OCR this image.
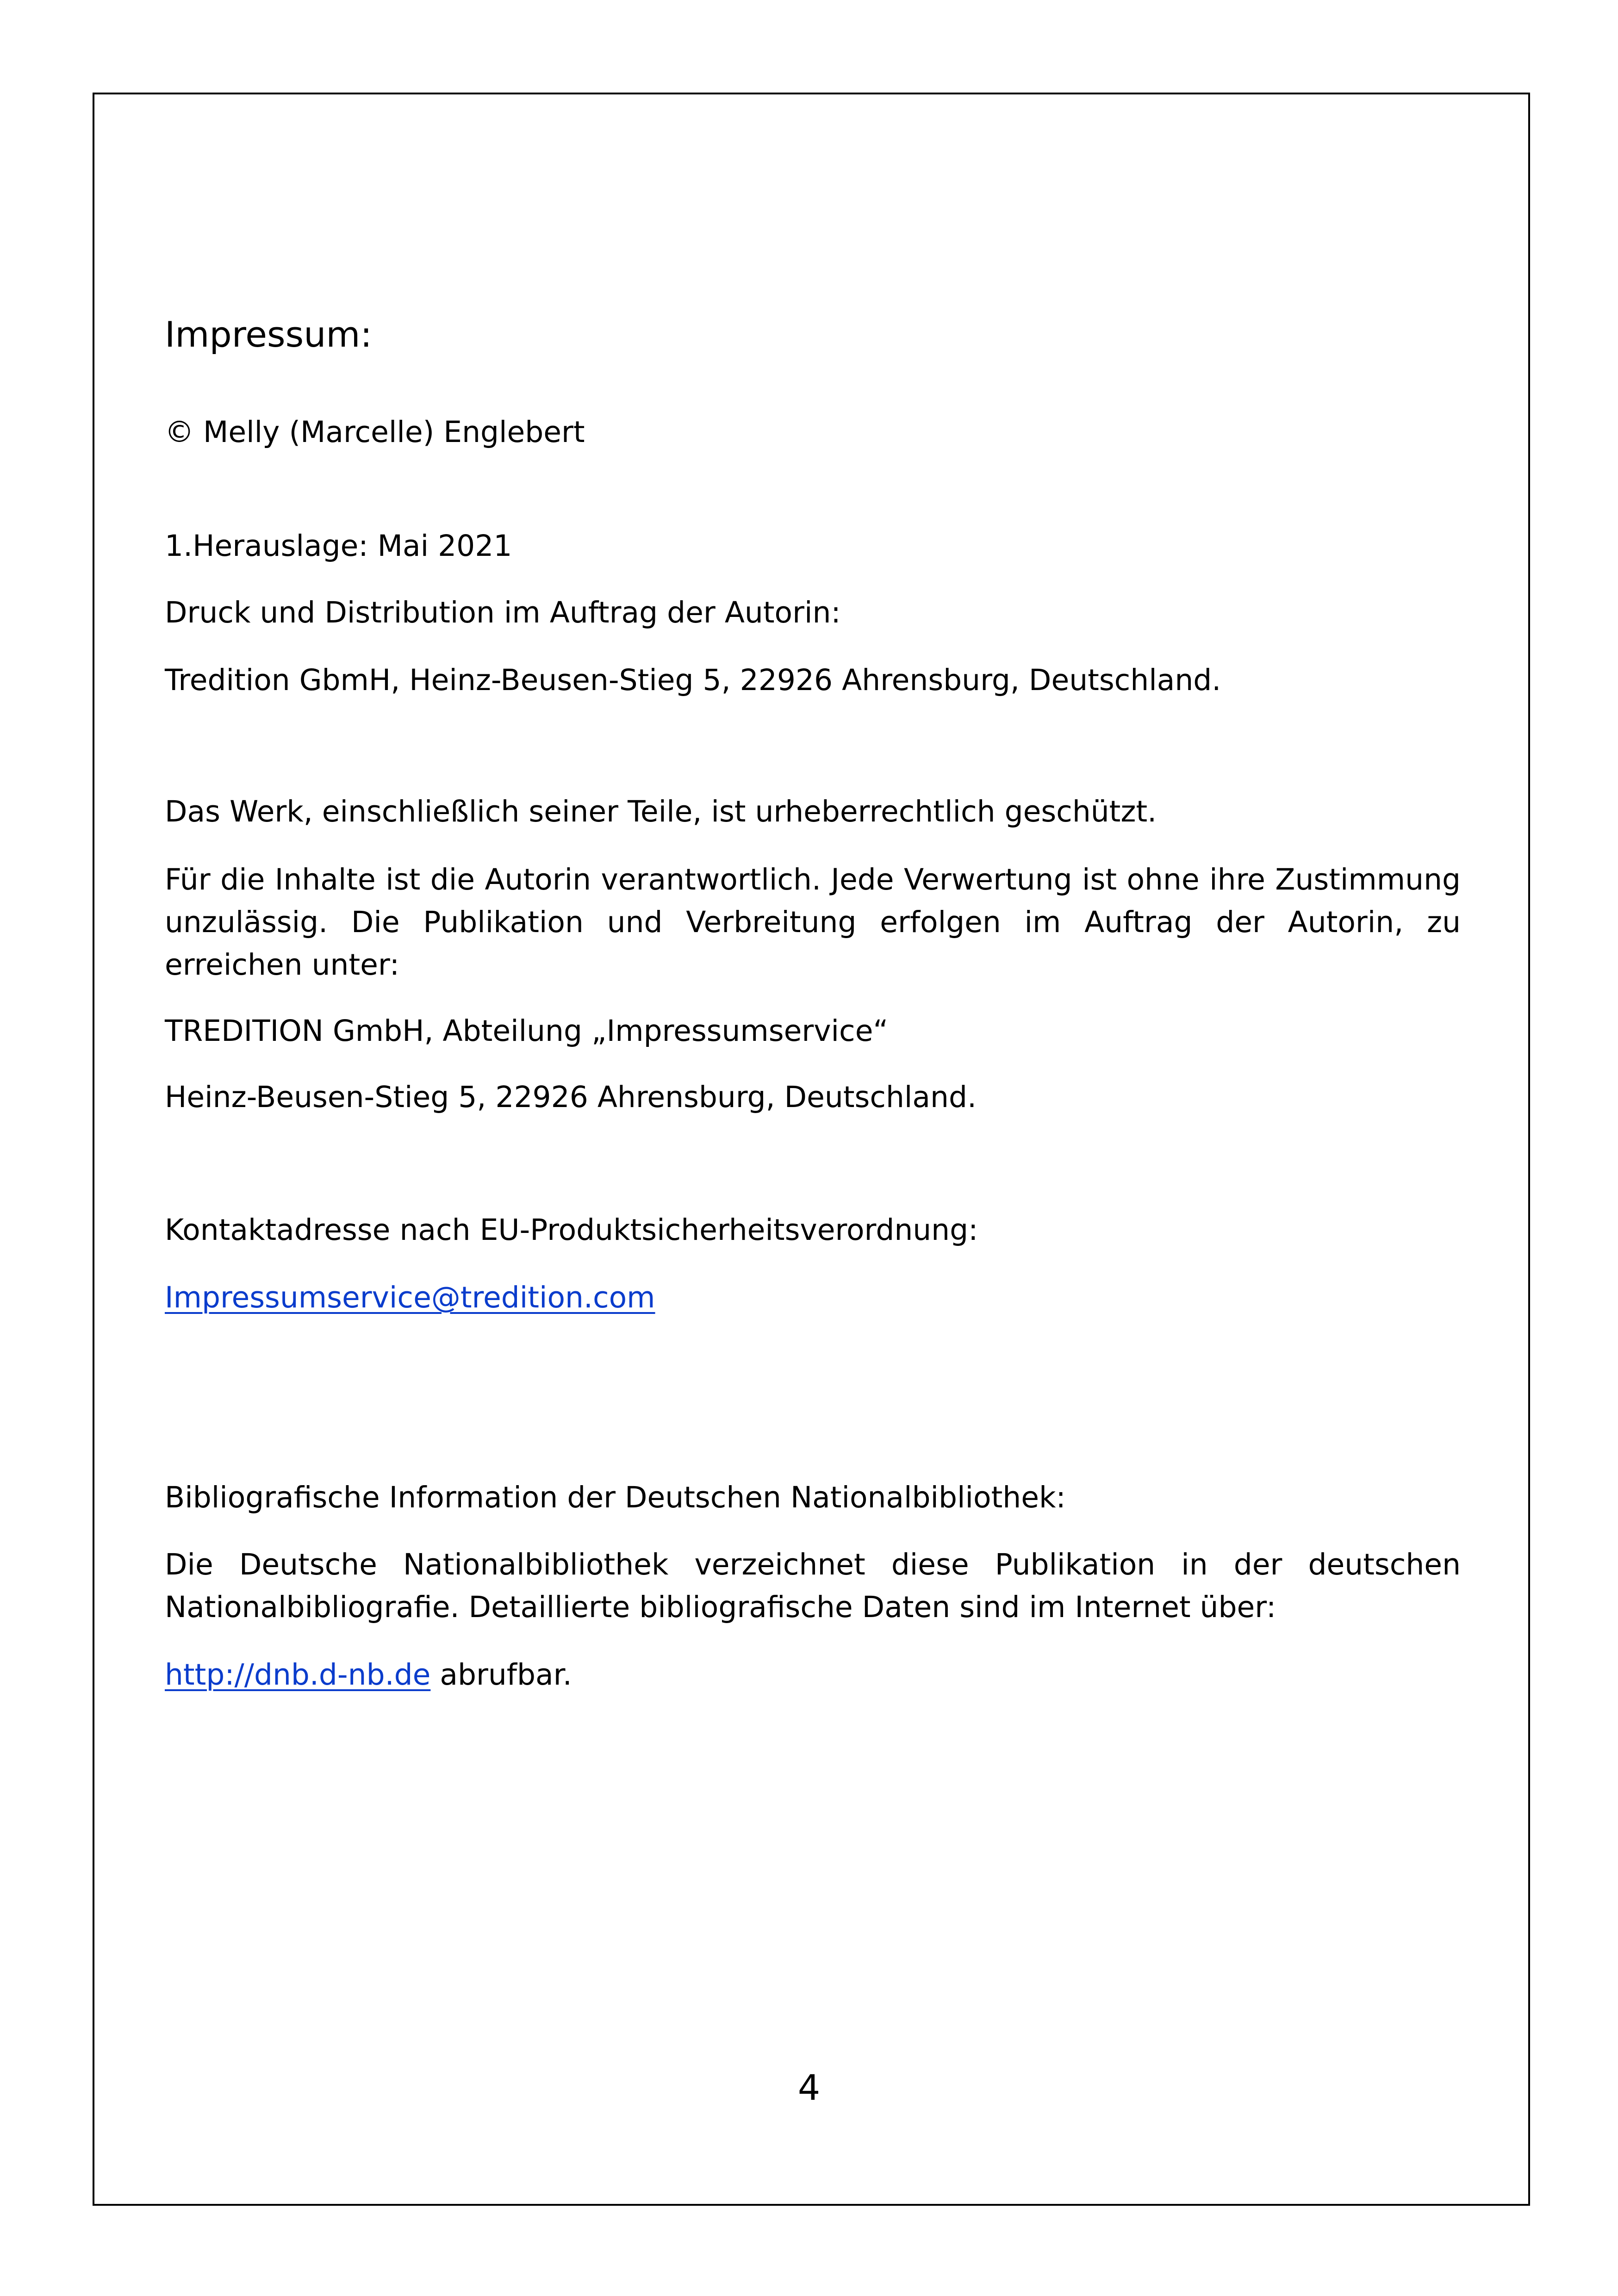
Impressum:

© Melly (Marcelle) Englebert

1.Herauslage: Mai 2021

Druck und Distribution im Auftrag der Autorin:

Tredition GbmH, Heinz-Beusen-Stieg 5, 22926 Ahrensburg, Deutschland.

Das Werk, einschließlich seiner Teile, ist urheberrechtlich geschützt.

Für die Inhalte ist die Autorin verantwortlich. Jede Verwertung ist ohne ihre Zustimmung unzulässig. Die Publikation und Verbreitung erfolgen im Auftrag der Autorin, zu erreichen unter:

TREDITION GmbH, Abteilung „Impressumservice“

Heinz-Beusen-Stieg 5, 22926 Ahrensburg, Deutschland.

Kontaktadresse nach EU-Produktsicherheitsverordnung:

Impressumservice@tredition.com

Bibliografische Information der Deutschen Nationalbibliothek:

Die Deutsche Nationalbibliothek verzeichnet diese Publikation in der deutschen Nationalbibliografie. Detaillierte bibliografische Daten sind im Internet über:

http://dnb.d-nb.de abrufbar.

4
